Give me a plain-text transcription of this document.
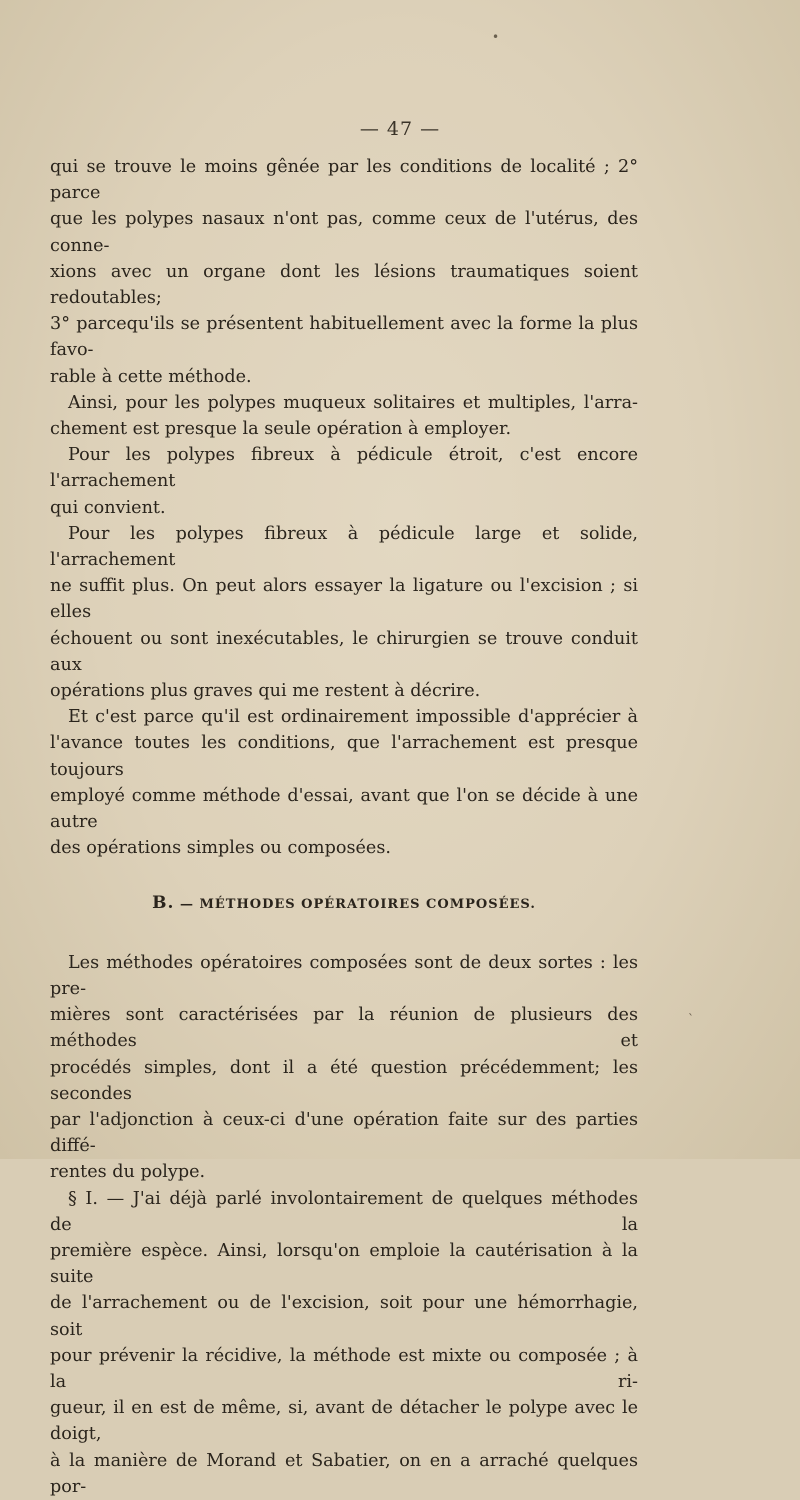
— 47 —

qui se trouve le moins gênée par les conditions de localité ; 2° parce

que les polypes nasaux n'ont pas, comme ceux de l'utérus, des conne-

xions avec un organe dont les lésions traumatiques soient redoutables;

3° parcequ'ils se présentent habituellement avec la forme la plus favo-

rable à cette méthode.

Ainsi, pour les polypes muqueux solitaires et multiples, l'arra-

chement est presque la seule opération à employer.

Pour les polypes fibreux à pédicule étroit, c'est encore l'arrachement

qui convient.

Pour les polypes fibreux à pédicule large et solide, l'arrachement

ne suffit plus. On peut alors essayer la ligature ou l'excision ; si elles

échouent ou sont inexécutables, le chirurgien se trouve conduit aux

opérations plus graves qui me restent à décrire.

Et c'est parce qu'il est ordinairement impossible d'apprécier à

l'avance toutes les conditions, que l'arrachement est presque toujours

employé comme méthode d'essai, avant que l'on se décide à une autre

des opérations simples ou composées.

B. — MÉTHODES OPÉRATOIRES COMPOSÉES.

Les méthodes opératoires composées sont de deux sortes : les pre-

mières sont caractérisées par la réunion de plusieurs des méthodes et

procédés simples, dont il a été question précédemment; les secondes

par l'adjonction à ceux-ci d'une opération faite sur des parties diffé-

rentes du polype.

§ I. — J'ai déjà parlé involontairement de quelques méthodes de la

première espèce. Ainsi, lorsqu'on emploie la cautérisation à la suite

de l'arrachement ou de l'excision, soit pour une hémorrhagie, soit

pour prévenir la récidive, la méthode est mixte ou composée ; à la ri-

gueur, il en est de même, si, avant de détacher le polype avec le doigt,

à la manière de Morand et Sabatier, on en a arraché quelques por-

•
`
